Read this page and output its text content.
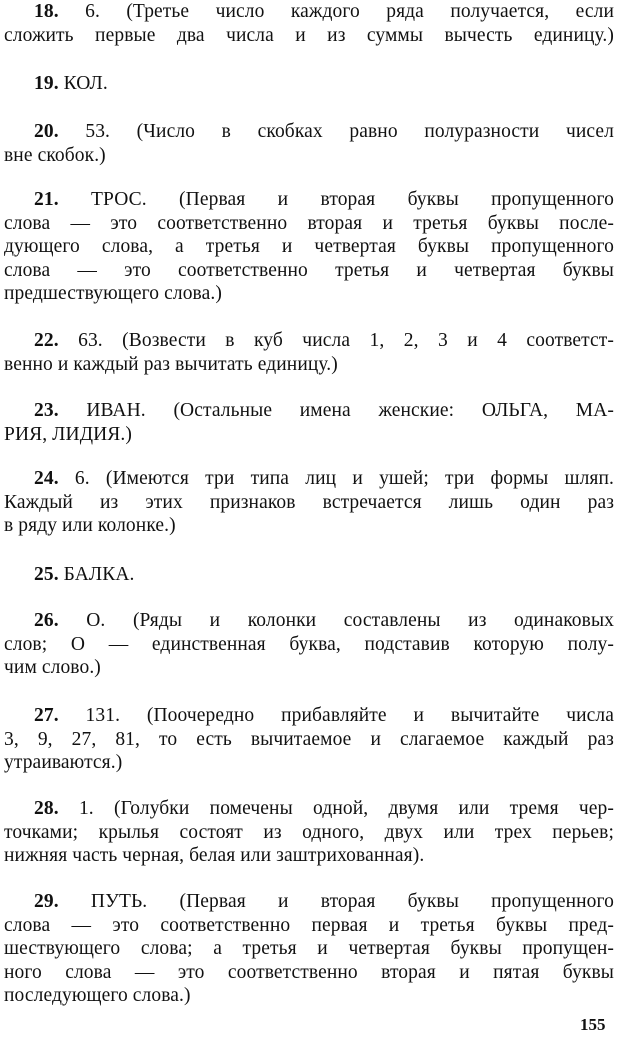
18. 6. (Третье число каждого ряда получается, если
сложить первые два числа и из суммы вычесть единицу.)
19. КОЛ.
20. 53. (Число в скобках равно полуразности чисел
вне скобок.)
21. ТРОС. (Первая и вторая буквы пропущенного
слова — это соответственно вторая и третья буквы после-
дующего слова, а третья и четвертая буквы пропущенного
слова — это соответственно третья и четвертая буквы
предшествующего слова.)
22. 63. (Возвести в куб числа 1, 2, 3 и 4 соответст-
венно и каждый раз вычитать единицу.)
23. ИВАН. (Остальные имена женские: ОЛЬГА, МА-
РИЯ, ЛИДИЯ.)
24. 6. (Имеются три типа лиц и ушей; три формы шляп.
Каждый из этих признаков встречается лишь один раз
в ряду или колонке.)
25. БАЛКА.
26. О. (Ряды и колонки составлены из одинаковых
слов; О — единственная буква, подставив которую полу-
чим слово.)
27. 131. (Поочередно прибавляйте и вычитайте числа
3, 9, 27, 81, то есть вычитаемое и слагаемое каждый раз
утраиваются.)
28. 1. (Голубки помечены одной, двумя или тремя чер-
точками; крылья состоят из одного, двух или трех перьев;
нижняя часть черная, белая или заштрихованная).
29. ПУТЬ. (Первая и вторая буквы пропущенного
слова — это соответственно первая и третья буквы пред-
шествующего слова; а третья и четвертая буквы пропущен-
ного слова — это соответственно вторая и пятая буквы
последующего слова.)
155
